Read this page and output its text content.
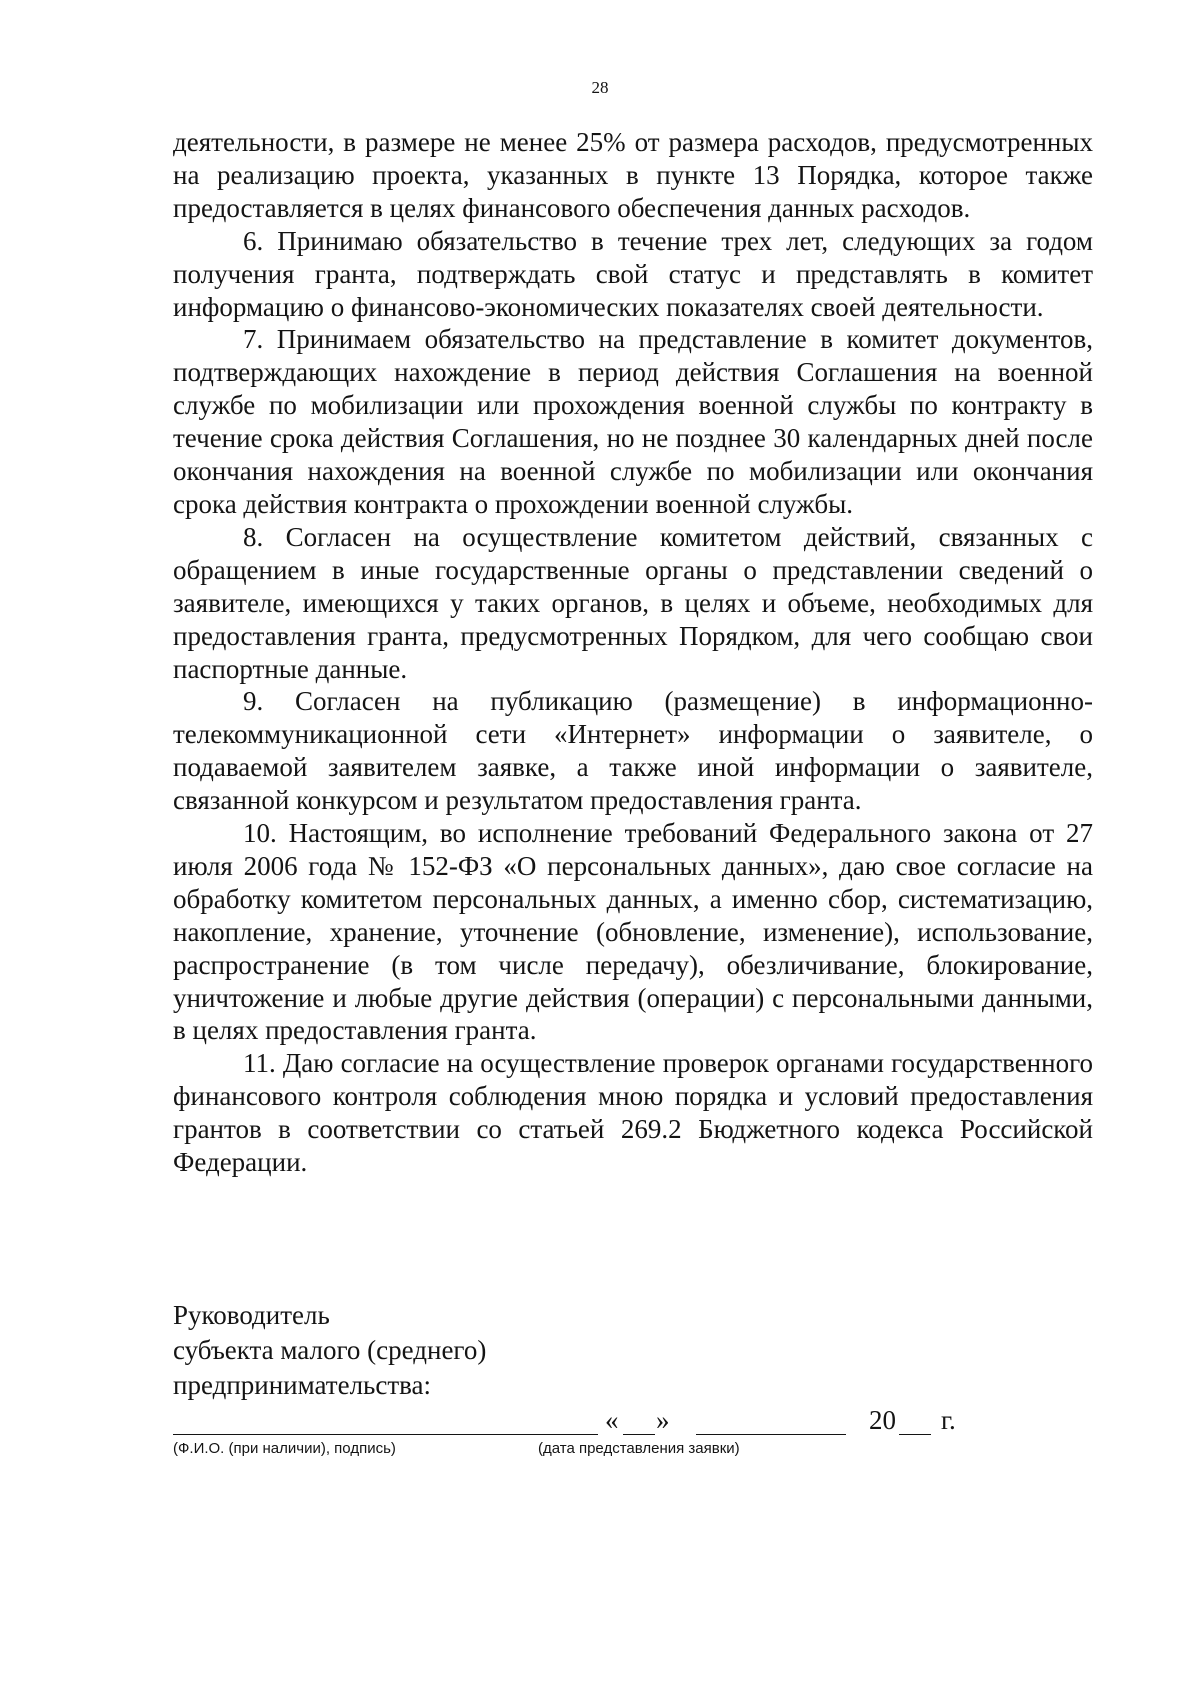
28

деятельности, в размере не менее 25% от размера расходов, предусмотренных на реализацию проекта, указанных в пункте 13 Порядка, которое также предоставляется в целях финансового обеспечения данных расходов.

6. Принимаю обязательство в течение трех лет, следующих за годом получения гранта, подтверждать свой статус и представлять в комитет информацию о финансово-экономических показателях своей деятельности.

7. Принимаем обязательство на представление в комитет документов, подтверждающих нахождение в период действия Соглашения на военной службе по мобилизации или прохождения военной службы по контракту в течение срока действия Соглашения, но не позднее 30 календарных дней после окончания нахождения на военной службе по мобилизации или окончания срока действия контракта о прохождении военной службы.

8. Согласен на осуществление комитетом действий, связанных с обращением в иные государственные органы о представлении сведений о заявителе, имеющихся у таких органов, в целях и объеме, необходимых для предоставления гранта, предусмотренных Порядком, для чего сообщаю свои паспортные данные.

9. Согласен на публикацию (размещение) в информационно-телекоммуникационной сети «Интернет» информации о заявителе, о подаваемой заявителем заявке, а также иной информации о заявителе, связанной конкурсом и результатом предоставления гранта.

10. Настоящим, во исполнение требований Федерального закона от 27 июля 2006 года № 152-ФЗ «О персональных данных», даю свое согласие на обработку комитетом персональных данных, а именно сбор, систематизацию, накопление, хранение, уточнение (обновление, изменение), использование, распространение (в том числе передачу), обезличивание, блокирование, уничтожение и любые другие действия (операции) с персональными данными, в целях предоставления гранта.

11. Даю согласие на осуществление проверок органами государственного финансового контроля соблюдения мною порядка и условий предоставления грантов в соответствии со статьей 269.2 Бюджетного кодекса Российской Федерации.

Руководитель
субъекта малого (среднего)
предпринимательства:
« »	20 г.
(Ф.И.О. (при наличии), подпись)	(дата представления заявки)
